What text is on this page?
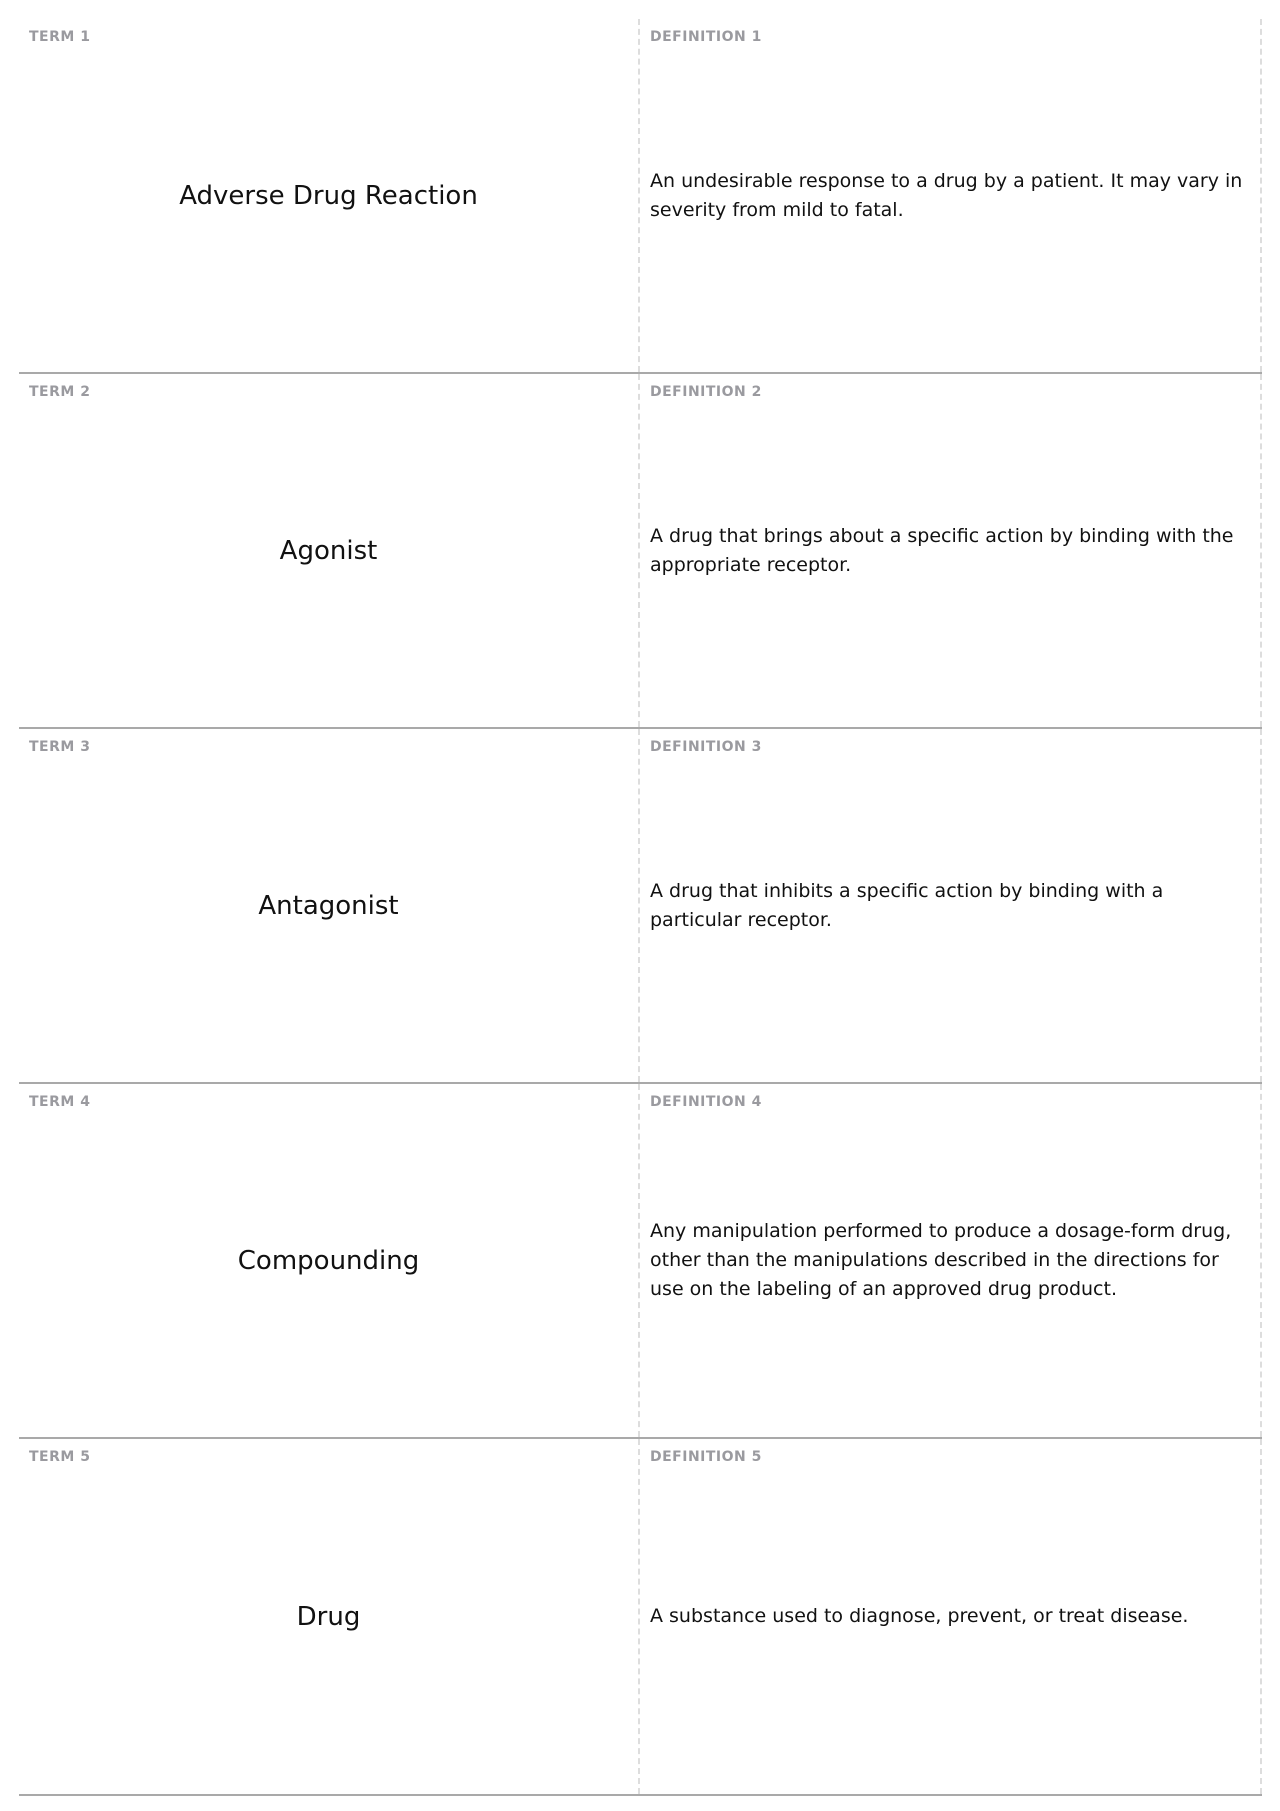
TERM 1
Adverse Drug Reaction
DEFINITION 1
An undesirable response to a drug by a patient. It may vary in severity from mild to fatal.
TERM 2
Agonist
DEFINITION 2
A drug that brings about a specific action by binding with the appropriate receptor.
TERM 3
Antagonist
DEFINITION 3
A drug that inhibits a specific action by binding with a particular receptor.
TERM 4
Compounding
DEFINITION 4
Any manipulation performed to produce a dosage-form drug, other than the manipulations described in the directions for use on the labeling of an approved drug product.
TERM 5
Drug
DEFINITION 5
A substance used to diagnose, prevent, or treat disease.
